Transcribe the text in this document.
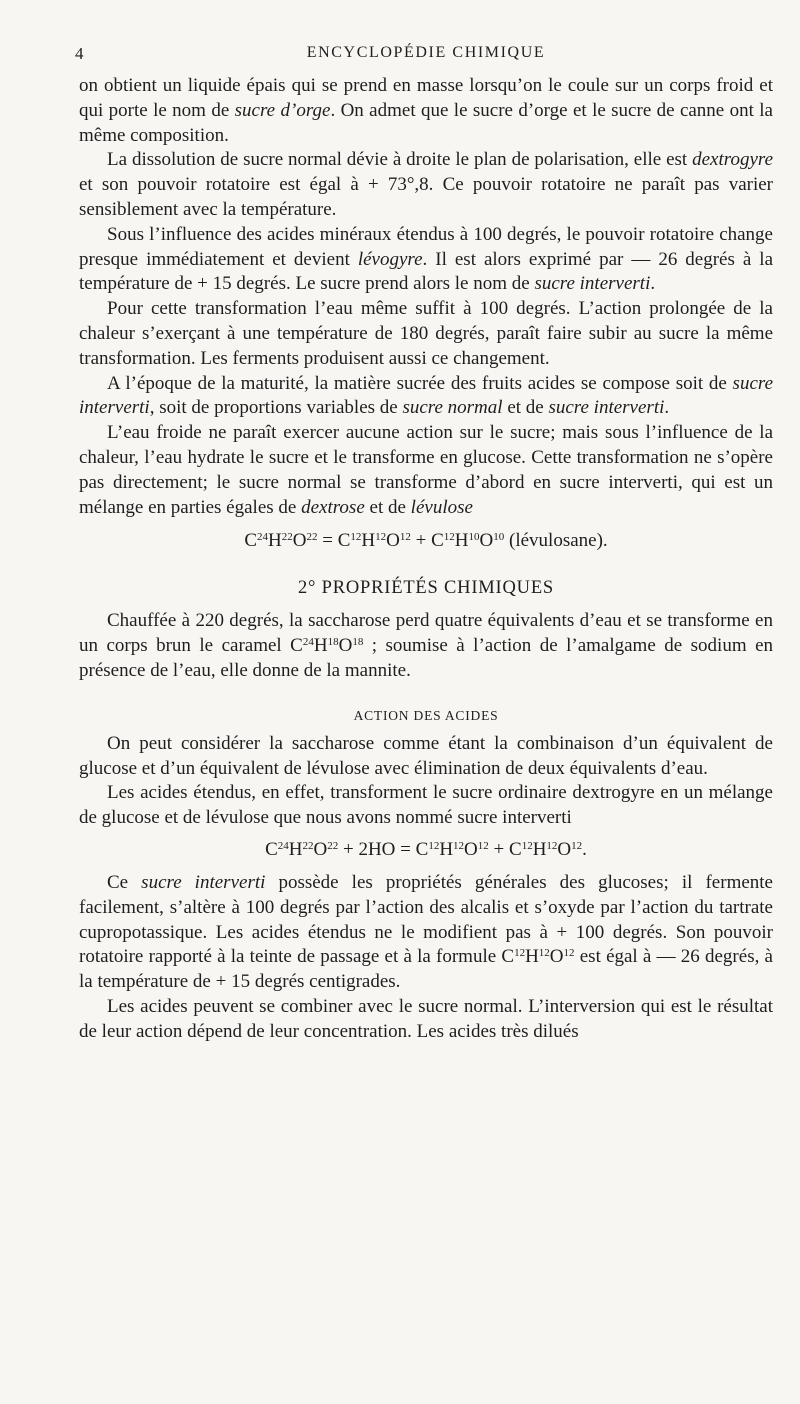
4	ENCYCLOPÉDIE CHIMIQUE

on obtient un liquide épais qui se prend en masse lorsqu’on le coule sur un corps froid et qui porte le nom de sucre d’orge. On admet que le sucre d’orge et le sucre de canne ont la même composition.

La dissolution de sucre normal dévie à droite le plan de polarisation, elle est dextrogyre et son pouvoir rotatoire est égal à + 73°,8. Ce pouvoir rotatoire ne paraît pas varier sensiblement avec la température.

Sous l’influence des acides minéraux étendus à 100 degrés, le pouvoir rotatoire change presque immédiatement et devient lévogyre. Il est alors exprimé par — 26 degrés à la température de + 15 degrés. Le sucre prend alors le nom de sucre interverti.

Pour cette transformation l’eau même suffit à 100 degrés. L’action prolongée de la chaleur s’exerçant à une température de 180 degrés, paraît faire subir au sucre la même transformation. Les ferments produisent aussi ce changement.

A l’époque de la maturité, la matière sucrée des fruits acides se compose soit de sucre interverti, soit de proportions variables de sucre normal et de sucre interverti.

L’eau froide ne paraît exercer aucune action sur le sucre; mais sous l’influence de la chaleur, l’eau hydrate le sucre et le transforme en glucose. Cette transformation ne s’opère pas directement; le sucre normal se transforme d’abord en sucre interverti, qui est un mélange en parties égales de dextrose et de lévulose

$C^{24}H^{22}O^{22} = C^{12}H^{12}O^{12} + C^{12}H^{10}O^{10}$ (lévulosane).
2° PROPRIÉTÉS CHIMIQUES

Chauffée à 220 degrés, la saccharose perd quatre équivalents d’eau et se transforme en un corps brun le caramel $C^{24}H^{18}O^{18}$ ; soumise à l’action de l’amalgame de sodium en présence de l’eau, elle donne de la mannite.

ACTION DES ACIDES

On peut considérer la saccharose comme étant la combinaison d’un équivalent de glucose et d’un équivalent de lévulose avec élimination de deux équivalents d’eau.

Les acides étendus, en effet, transforment le sucre ordinaire dextrogyre en un mélange de glucose et de lévulose que nous avons nommé sucre interverti

$C^{24}H^{22}O^{22} + 2HO = C^{12}H^{12}O^{12} + C^{12}H^{12}O^{12}$.

Ce sucre interverti possède les propriétés générales des glucoses; il fermente facilement, s’altère à 100 degrés par l’action des alcalis et s’oxyde par l’action du tartrate cupropotassique. Les acides étendus ne le modifient pas à + 100 degrés. Son pouvoir rotatoire rapporté à la teinte de passage et à la formule $C^{12}H^{12}O^{12}$ est égal à — 26 degrés, à la température de + 15 degrés centigrades.

Les acides peuvent se combiner avec le sucre normal. L’interversion qui est le résultat de leur action dépend de leur concentration. Les acides très dilués
